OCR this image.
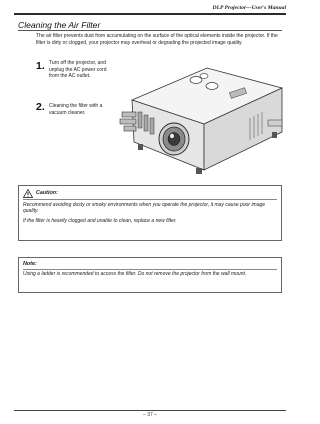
DLP Projector—User's Manual
Cleaning the Air Filter
The air filter prevents dust from accumulating on the surface of the optical elements inside the projector. If the filter is dirty or clogged, your projector may overheat or degrading the projected image quality.
1. Turn off the projector, and unplug the AC power cord from the AC outlet.
2. Cleaning the filter with a vacuum cleaner.
Caution:

Recommend avoiding dusty or smoky environments when you operate the projector, it may cause poor image quality.

If the filter is heavily clogged and unable to clean, replace a new filter.

Note:

Using a ladder is recommended to access the filter. Do not remove the projector from the wall mount.

– 37 –
